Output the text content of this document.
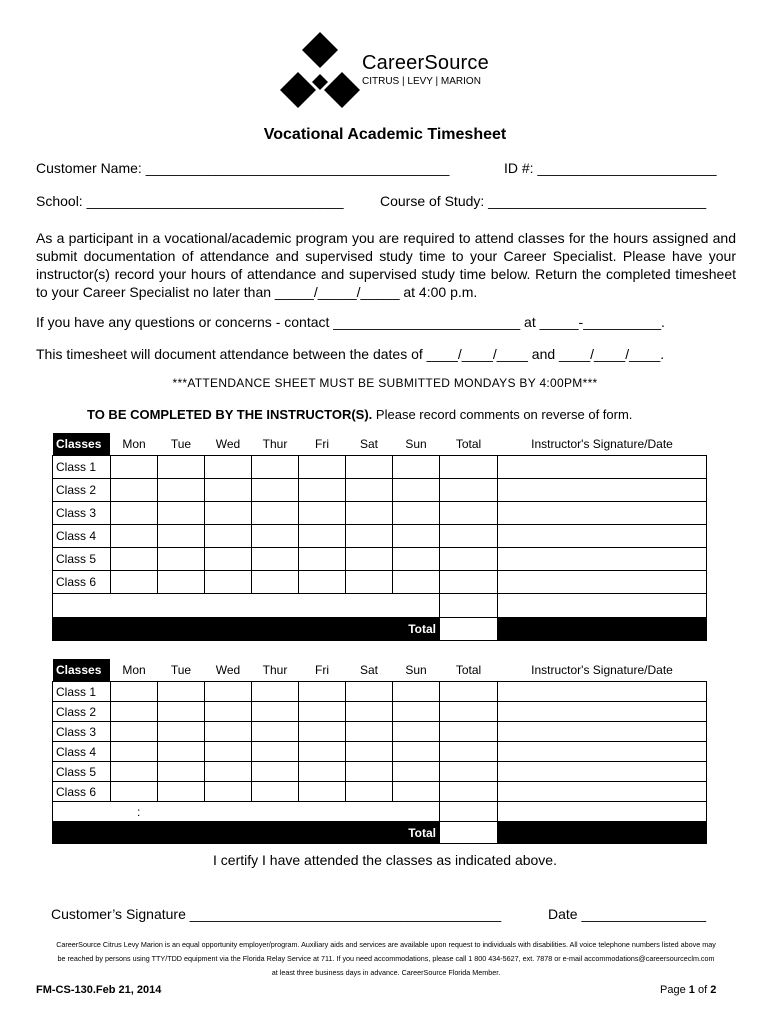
CareerSource
CITRUS | LEVY | MARION
Vocational Academic Timesheet
Customer Name: _______________________________________	ID #: _______________________
School: _________________________________	Course of Study: ____________________________
As a participant in a vocational/academic program you are required to attend classes for the hours assigned and submit documentation of attendance and supervised study time to your Career Specialist. Please have your instructor(s) record your hours of attendance and supervised study time below. Return the completed timesheet to your Career Specialist no later than _____/_____/_____ at 4:00 p.m.
If you have any questions or concerns - contact ________________________ at _____-__________.
This timesheet will document attendance between the dates of ____/____/____ and ____/____/____.
***ATTENDANCE SHEET MUST BE SUBMITTED MONDAYS BY 4:00PM***
TO BE COMPLETED BY THE INSTRUCTOR(S). Please record comments on reverse of form.
Classes	Mon	Tue	Wed	Thur	Fri	Sat	Sun	Total	Instructor's Signature/Date
Class 1									
Class 2									
Class 3									
Class 4									
Class 5									
Class 6									

Total									
Classes	Mon	Tue	Wed	Thur	Fri	Sat	Sun	Total	Instructor's Signature/Date
Class 1									
Class 2									
Class 3									
Class 4									
Class 5									
Class 6									
:									
Total									
I certify I have attended the classes as indicated above.
Customer’s Signature ________________________________________	Date ________________
CareerSource Citrus Levy Marion is an equal opportunity employer/program. Auxiliary aids and services are available upon request to individuals with disabilities. All voice telephone numbers listed above may
be reached by persons using TTY/TDD equipment via the Florida Relay Service at 711. If you need accommodations, please call 1 800 434-5627, ext. 7878 or e-mail accommodations@careersourceclm.com
at least three business days in advance. CareerSource Florida Member.
FM-CS-130.Feb 21, 2014	Page 1 of 2
